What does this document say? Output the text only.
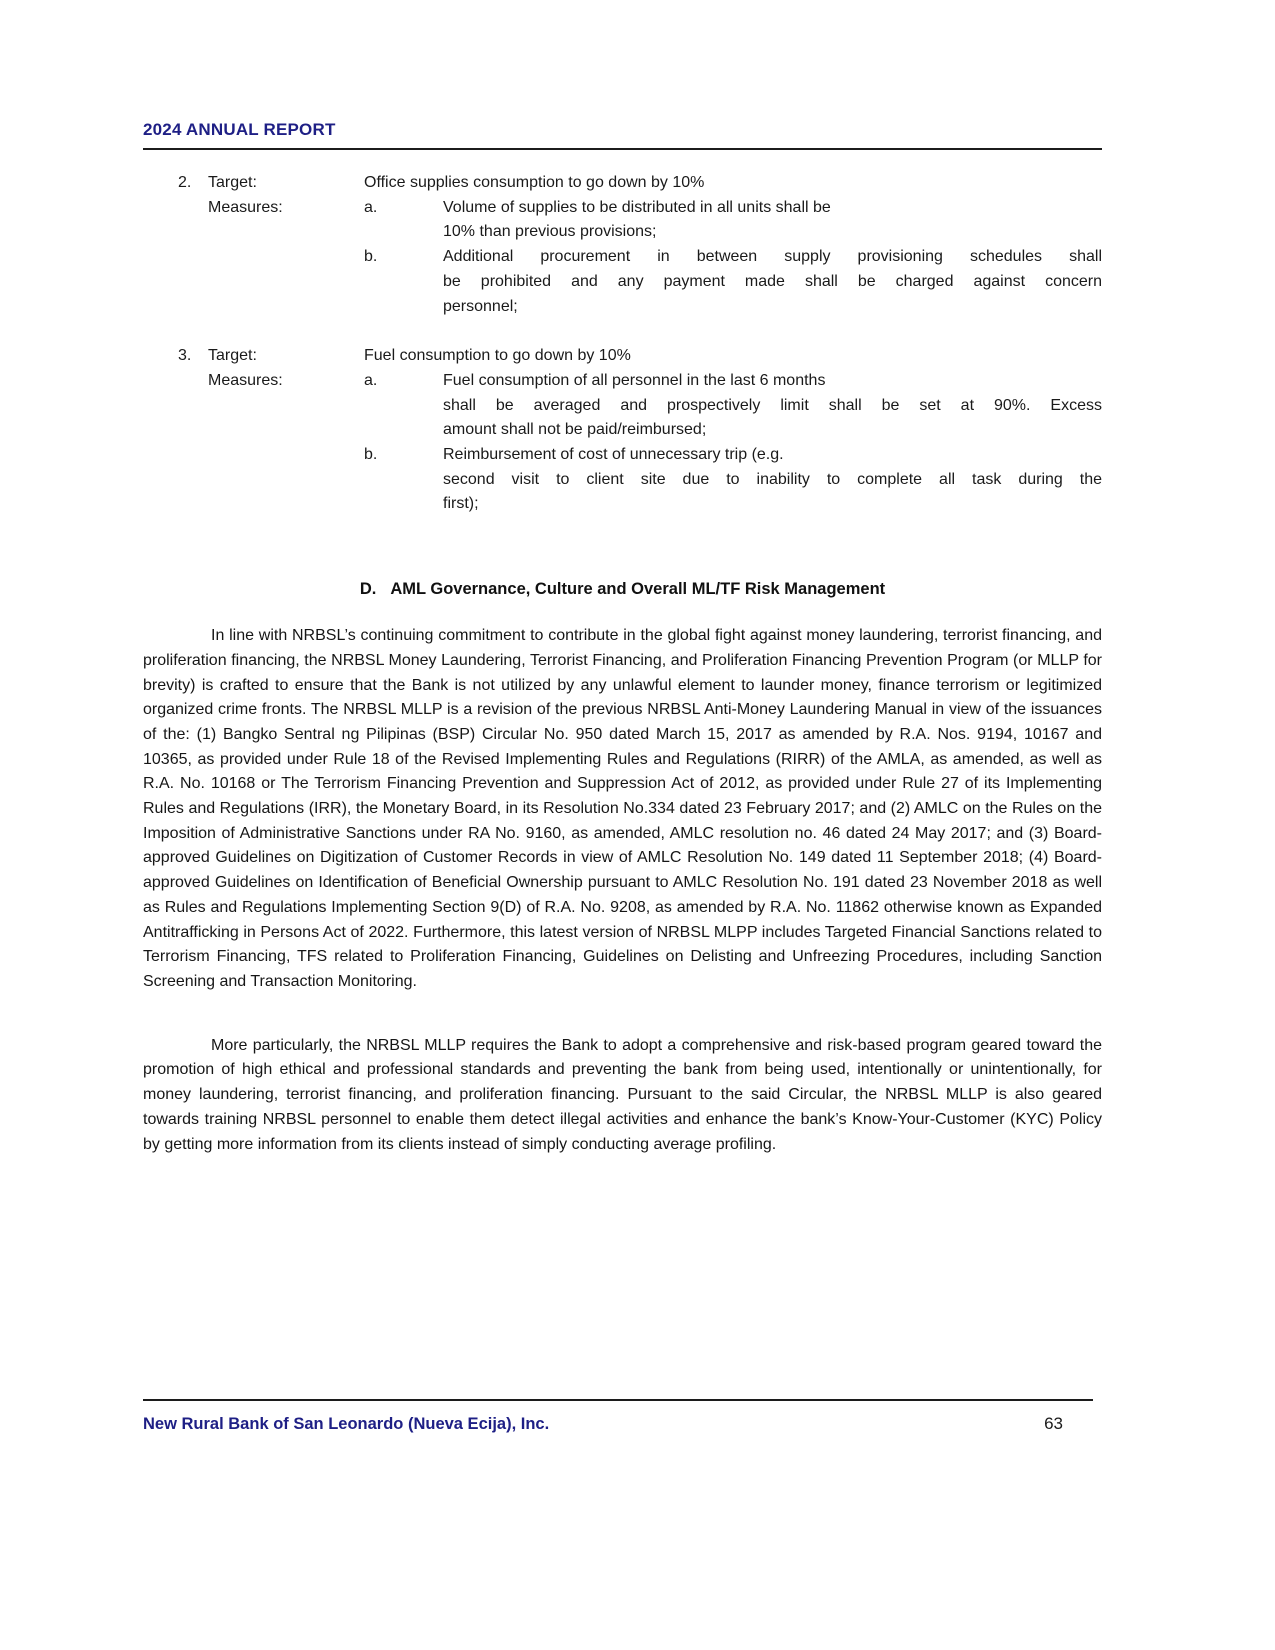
2024 ANNUAL REPORT
2. Target:	Office supplies consumption to go down by 10%
Measures:	a.	Volume of supplies to be distributed in all units shall be
10% than previous provisions;
b.	Additional procurement in between supply provisioning schedules shall
be prohibited and any payment made shall be charged against concern
personnel;
3. Target:	Fuel consumption to go down by 10%
Measures:	a.	Fuel consumption of all personnel in the last 6 months
shall be averaged and prospectively limit shall be set at 90%. Excess
amount shall not be paid/reimbursed;
b.	Reimbursement of cost of unnecessary trip (e.g.
second visit to client site due to inability to complete all task during the
first);
D. AML Governance, Culture and Overall ML/TF Risk Management
In line with NRBSL’s continuing commitment to contribute in the global fight against money laundering, terrorist financing, and proliferation financing, the NRBSL Money Laundering, Terrorist Financing, and Proliferation Financing Prevention Program (or MLLP for brevity) is crafted to ensure that the Bank is not utilized by any unlawful element to launder money, finance terrorism or legitimized organized crime fronts. The NRBSL MLLP is a revision of the previous NRBSL Anti-Money Laundering Manual in view of the issuances of the: (1) Bangko Sentral ng Pilipinas (BSP) Circular No. 950 dated March 15, 2017 as amended by R.A. Nos. 9194, 10167 and 10365, as provided under Rule 18 of the Revised Implementing Rules and Regulations (RIRR) of the AMLA, as amended, as well as R.A. No. 10168 or The Terrorism Financing Prevention and Suppression Act of 2012, as provided under Rule 27 of its Implementing Rules and Regulations (IRR), the Monetary Board, in its Resolution No.334 dated 23 February 2017; and (2) AMLC on the Rules on the Imposition of Administrative Sanctions under RA No. 9160, as amended, AMLC resolution no. 46 dated 24 May 2017; and (3) Board-approved Guidelines on Digitization of Customer Records in view of AMLC Resolution No. 149 dated 11 September 2018; (4) Board-approved Guidelines on Identification of Beneficial Ownership pursuant to AMLC Resolution No. 191 dated 23 November 2018 as well as Rules and Regulations Implementing Section 9(D) of R.A. No. 9208, as amended by R.A. No. 11862 otherwise known as Expanded Antitrafficking in Persons Act of 2022. Furthermore, this latest version of NRBSL MLPP includes Targeted Financial Sanctions related to Terrorism Financing, TFS related to Proliferation Financing, Guidelines on Delisting and Unfreezing Procedures, including Sanction Screening and Transaction Monitoring.
More particularly, the NRBSL MLLP requires the Bank to adopt a comprehensive and risk-based program geared toward the promotion of high ethical and professional standards and preventing the bank from being used, intentionally or unintentionally, for money laundering, terrorist financing, and proliferation financing. Pursuant to the said Circular, the NRBSL MLLP is also geared towards training NRBSL personnel to enable them detect illegal activities and enhance the bank’s Know-Your-Customer (KYC) Policy by getting more information from its clients instead of simply conducting average profiling.
New Rural Bank of San Leonardo (Nueva Ecija), Inc.	63
